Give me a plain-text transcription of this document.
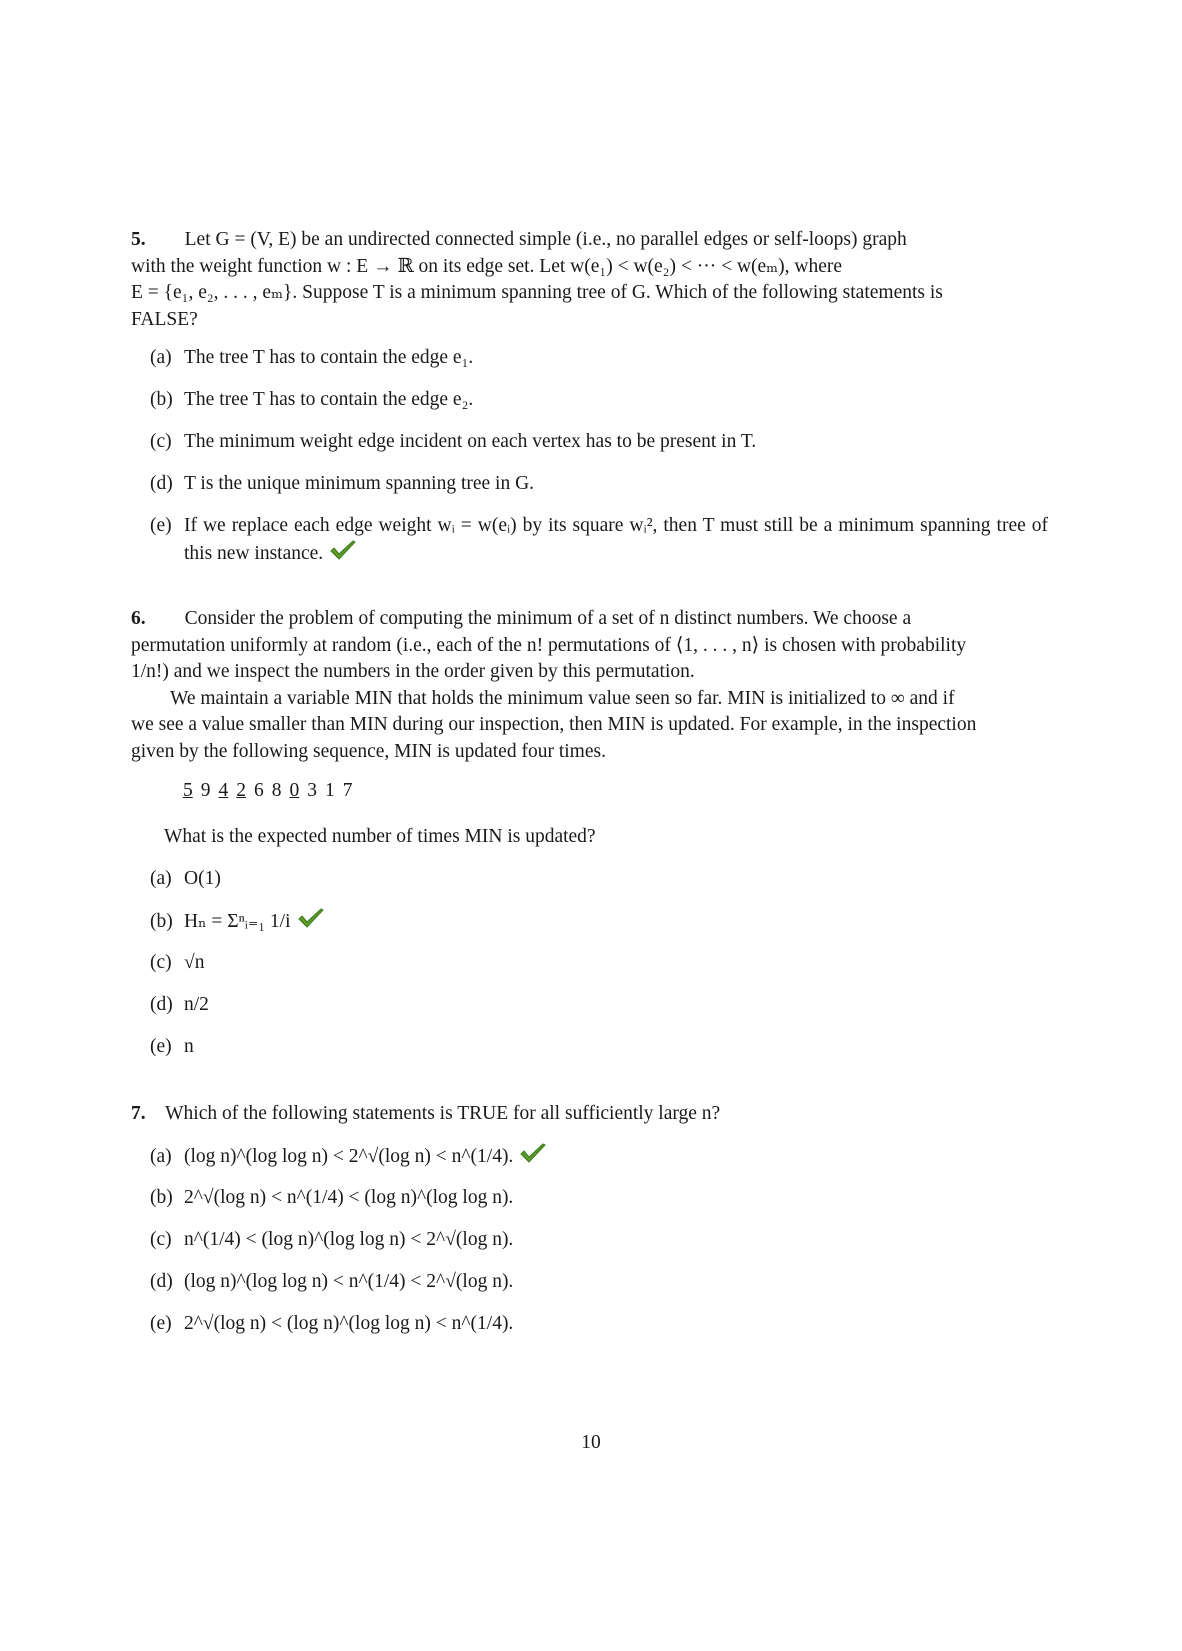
5. Let G = (V, E) be an undirected connected simple (i.e., no parallel edges or self-loops) graph
with the weight function w : E → ℝ on its edge set. Let w(e₁) < w(e₂) < ··· < w(eₘ), where
E = {e₁, e₂, . . . , eₘ}. Suppose T is a minimum spanning tree of G. Which of the following statements is
FALSE?
(a) The tree T has to contain the edge e₁.
(b) The tree T has to contain the edge e₂.
(c) The minimum weight edge incident on each vertex has to be present in T.
(d) T is the unique minimum spanning tree in G.
(e) If we replace each edge weight wᵢ = w(eᵢ) by its square wᵢ², then T must still be a minimum spanning tree of this new instance.
6. Consider the problem of computing the minimum of a set of n distinct numbers. We choose a
permutation uniformly at random (i.e., each of the n! permutations of ⟨1, . . . , n⟩ is chosen with probability
1/n!) and we inspect the numbers in the order given by this permutation.
We maintain a variable MIN that holds the minimum value seen so far. MIN is initialized to ∞ and if
we see a value smaller than MIN during our inspection, then MIN is updated. For example, in the inspection
given by the following sequence, MIN is updated four times.
5 9 4 2 6 8 0 3 1 7
What is the expected number of times MIN is updated?
(a) O(1)
(b) Hₙ = Σⁿᵢ₌₁ 1/i
(c) √n
(d) n/2
(e) n
7. Which of the following statements is TRUE for all sufficiently large n?
(a) (log n)^(log log n) < 2^√(log n) < n^(1/4).
(b) 2^√(log n) < n^(1/4) < (log n)^(log log n).
(c) n^(1/4) < (log n)^(log log n) < 2^√(log n).
(d) (log n)^(log log n) < n^(1/4) < 2^√(log n).
(e) 2^√(log n) < (log n)^(log log n) < n^(1/4).
10
